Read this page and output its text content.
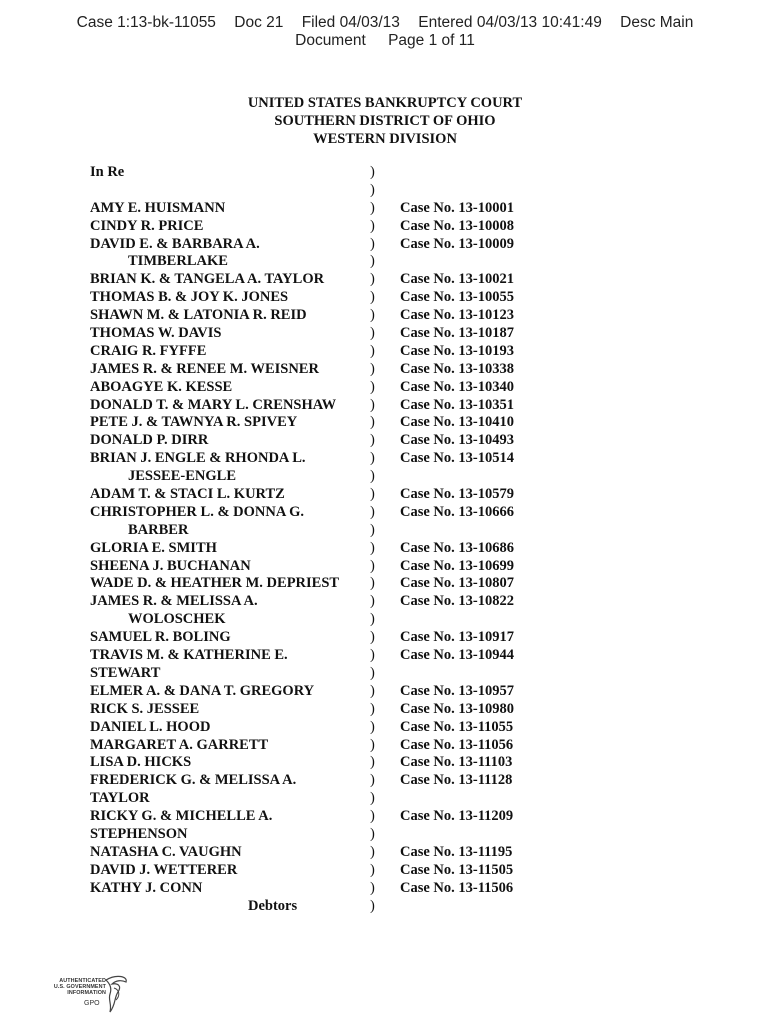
Case 1:13-bk-11055 Doc 21 Filed 04/03/13 Entered 04/03/13 10:41:49 Desc Main
Document Page 1 of 11
UNITED STATES BANKRUPTCY COURT
SOUTHERN DISTRICT OF OHIO
WESTERN DIVISION
In Re	)
)
AMY E. HUISMANN	) Case No. 13-10001
CINDY R. PRICE	) Case No. 13-10008
DAVID E. & BARBARA A.	) Case No. 13-10009
TIMBERLAKE	)
BRIAN K. & TANGELA A. TAYLOR	) Case No. 13-10021
THOMAS B. & JOY K. JONES	) Case No. 13-10055
SHAWN M. & LATONIA R. REID	) Case No. 13-10123
THOMAS W. DAVIS	) Case No. 13-10187
CRAIG R. FYFFE	) Case No. 13-10193
JAMES R. & RENEE M. WEISNER	) Case No. 13-10338
ABOAGYE K. KESSE	) Case No. 13-10340
DONALD T. & MARY L. CRENSHAW ) Case No. 13-10351
PETE J. & TAWNYA R. SPIVEY	) Case No. 13-10410
DONALD P. DIRR	) Case No. 13-10493
BRIAN J. ENGLE & RHONDA L.	) Case No. 13-10514
JESSEE-ENGLE	)
ADAM T. & STACI L. KURTZ	) Case No. 13-10579
CHRISTOPHER L. & DONNA G.	) Case No. 13-10666
BARBER	)
GLORIA E. SMITH	) Case No. 13-10686
SHEENA J. BUCHANAN	) Case No. 13-10699
WADE D. & HEATHER M. DEPRIEST ) Case No. 13-10807
JAMES R. & MELISSA A.	) Case No. 13-10822
WOLOSCHEK	)
SAMUEL R. BOLING	) Case No. 13-10917
TRAVIS M. & KATHERINE E.	) Case No. 13-10944
STEWART	)
ELMER A. & DANA T. GREGORY	) Case No. 13-10957
RICK S. JESSEE	) Case No. 13-10980
DANIEL L. HOOD	) Case No. 13-11055
MARGARET A. GARRETT	) Case No. 13-11056
LISA D. HICKS	) Case No. 13-11103
FREDERICK G. & MELISSA A.	) Case No. 13-11128
TAYLOR	)
RICKY G. & MICHELLE A.	) Case No. 13-11209
STEPHENSON	)
NATASHA C. VAUGHN	) Case No. 13-11195
DAVID J. WETTERER	) Case No. 13-11505
KATHY J. CONN	) Case No. 13-11506
Debtors	)
AUTHENTICATED
U.S. GOVERNMENT
INFORMATION
GPO
